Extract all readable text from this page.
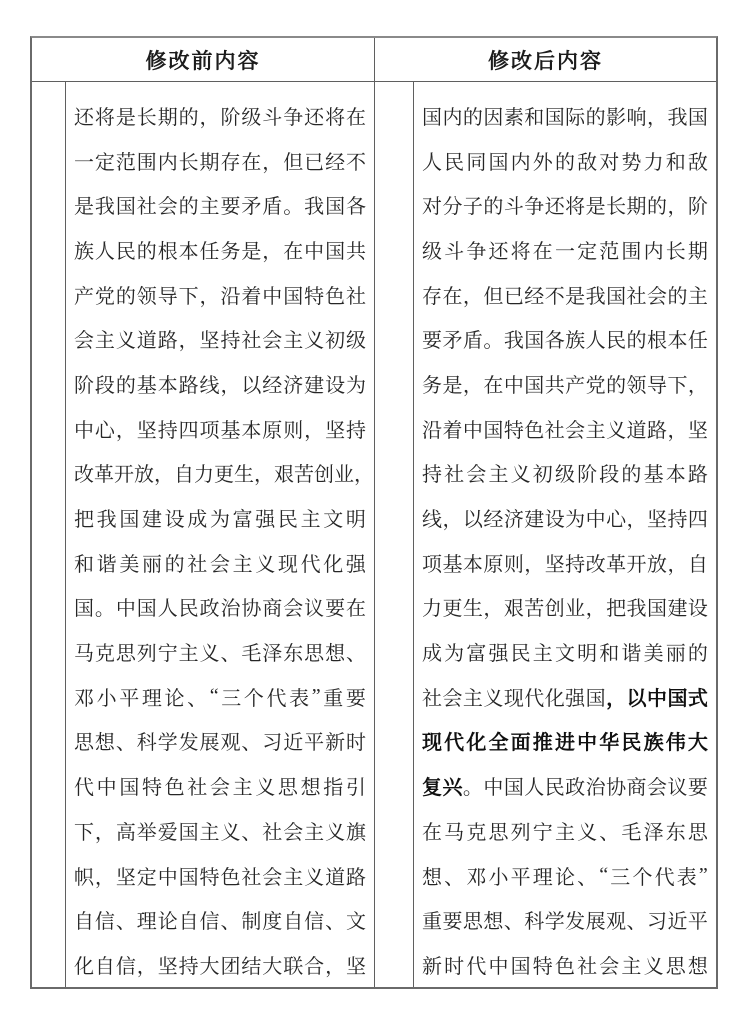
修改前内容	修改后内容
还 将 是 长 期 的 ， 阶 级 斗 争 还 将 在
一 定 范 围 内 长 期 存 在 ， 但 已 经 不
是 我 国 社 会 的 主 要 矛 盾 。 我 国 各
族 人 民 的 根 本 任 务 是 ， 在 中 国 共
产 党 的 领 导 下 ， 沿 着 中 国 特 色 社
会 主 义 道 路 ， 坚 持 社 会 主 义 初 级
阶 段 的 基 本 路 线 ， 以 经 济 建 设 为
中 心 ， 坚 持 四 项 基 本 原 则 ， 坚 持
改 革 开 放 ， 自 力 更 生 ， 艰 苦 创 业 ，
把 我 国 建 设 成 为 富 强 民 主 文 明
和 谐 美 丽 的 社 会 主 义 现 代 化 强
国 。 中 国 人 民 政 治 协 商 会 议 要 在
马 克 思 列 宁 主 义 、 毛 泽 东 思 想 、
邓 小 平 理 论 、 “ 三 个 代 表 ” 重 要
思 想 、 科 学 发 展 观 、 习 近 平 新 时
代 中 国 特 色 社 会 主 义 思 想 指 引
下 ， 高 举 爱 国 主 义 、 社 会 主 义 旗
帜 ， 坚 定 中 国 特 色 社 会 主 义 道 路
自 信 、 理 论 自 信 、 制 度 自 信 、 文
化 自 信 ， 坚 持 大 团 结 大 联 合 ， 坚
国 内 的 因 素 和 国 际 的 影 响 ， 我 国
人 民 同 国 内 外 的 敌 对 势 力 和 敌
对 分 子 的 斗 争 还 将 是 长 期 的 ， 阶
级 斗 争 还 将 在 一 定 范 围 内 长 期
存 在 ， 但 已 经 不 是 我 国 社 会 的 主
要 矛 盾 。 我 国 各 族 人 民 的 根 本 任
务 是 ， 在 中 国 共 产 党 的 领 导 下 ，
沿 着 中 国 特 色 社 会 主 义 道 路 ， 坚
持 社 会 主 义 初 级 阶 段 的 基 本 路
线 ， 以 经 济 建 设 为 中 心 ， 坚 持 四
项 基 本 原 则 ， 坚 持 改 革 开 放 ， 自
力 更 生 ， 艰 苦 创 业 ， 把 我 国 建 设
成 为 富 强 民 主 文 明 和 谐 美 丽 的
社 会 主 义 现 代 化 强 国 ， 以 中 国 式
现 代 化 全 面 推 进 中 华 民 族 伟 大
复 兴 。 中 国 人 民 政 治 协 商 会 议 要
在 马 克 思 列 宁 主 义 、 毛 泽 东 思
想 、 邓 小 平 理 论 、 “ 三 个 代 表 ”
重 要 思 想 、 科 学 发 展 观 、 习 近 平
新 时 代 中 国 特 色 社 会 主 义 思 想
